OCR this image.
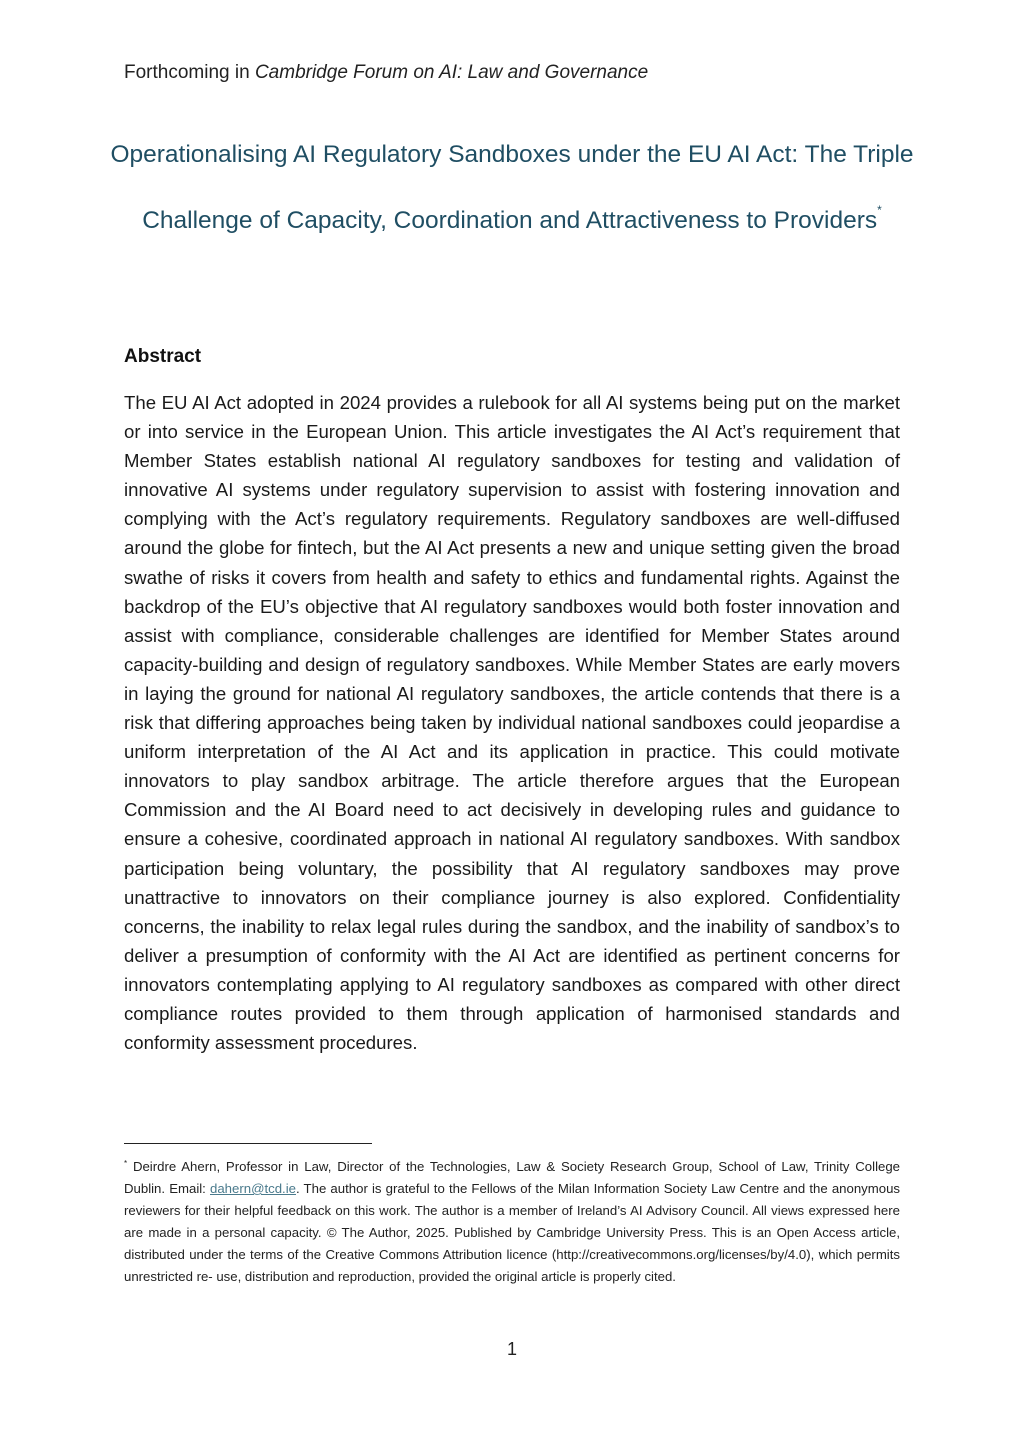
Forthcoming in Cambridge Forum on AI: Law and Governance
Operationalising AI Regulatory Sandboxes under the EU AI Act: The Triple Challenge of Capacity, Coordination and Attractiveness to Providers*
Abstract

The EU AI Act adopted in 2024 provides a rulebook for all AI systems being put on the market or into service in the European Union. This article investigates the AI Act’s requirement that Member States establish national AI regulatory sandboxes for testing and validation of innovative AI systems under regulatory supervision to assist with fostering innovation and complying with the Act’s regulatory requirements. Regulatory sandboxes are well-diffused around the globe for fintech, but the AI Act presents a new and unique setting given the broad swathe of risks it covers from health and safety to ethics and fundamental rights. Against the backdrop of the EU’s objective that AI regulatory sandboxes would both foster innovation and assist with compliance, considerable challenges are identified for Member States around capacity-building and design of regulatory sandboxes. While Member States are early movers in laying the ground for national AI regulatory sandboxes, the article contends that there is a risk that differing approaches being taken by individual national sandboxes could jeopardise a uniform interpretation of the AI Act and its application in practice. This could motivate innovators to play sandbox arbitrage. The article therefore argues that the European Commission and the AI Board need to act decisively in developing rules and guidance to ensure a cohesive, coordinated approach in national AI regulatory sandboxes. With sandbox participation being voluntary, the possibility that AI regulatory sandboxes may prove unattractive to innovators on their compliance journey is also explored. Confidentiality concerns, the inability to relax legal rules during the sandbox, and the inability of sandbox’s to deliver a presumption of conformity with the AI Act are identified as pertinent concerns for innovators contemplating applying to AI regulatory sandboxes as compared with other direct compliance routes provided to them through application of harmonised standards and conformity assessment procedures.

* Deirdre Ahern, Professor in Law, Director of the Technologies, Law & Society Research Group, School of Law, Trinity College Dublin. Email: dahern@tcd.ie. The author is grateful to the Fellows of the Milan Information Society Law Centre and the anonymous reviewers for their helpful feedback on this work. The author is a member of Ireland’s AI Advisory Council. All views expressed here are made in a personal capacity. © The Author, 2025. Published by Cambridge University Press. This is an Open Access article, distributed under the terms of the Creative Commons Attribution licence (http://creativecommons.org/licenses/by/4.0), which permits unrestricted re- use, distribution and reproduction, provided the original article is properly cited.

1
